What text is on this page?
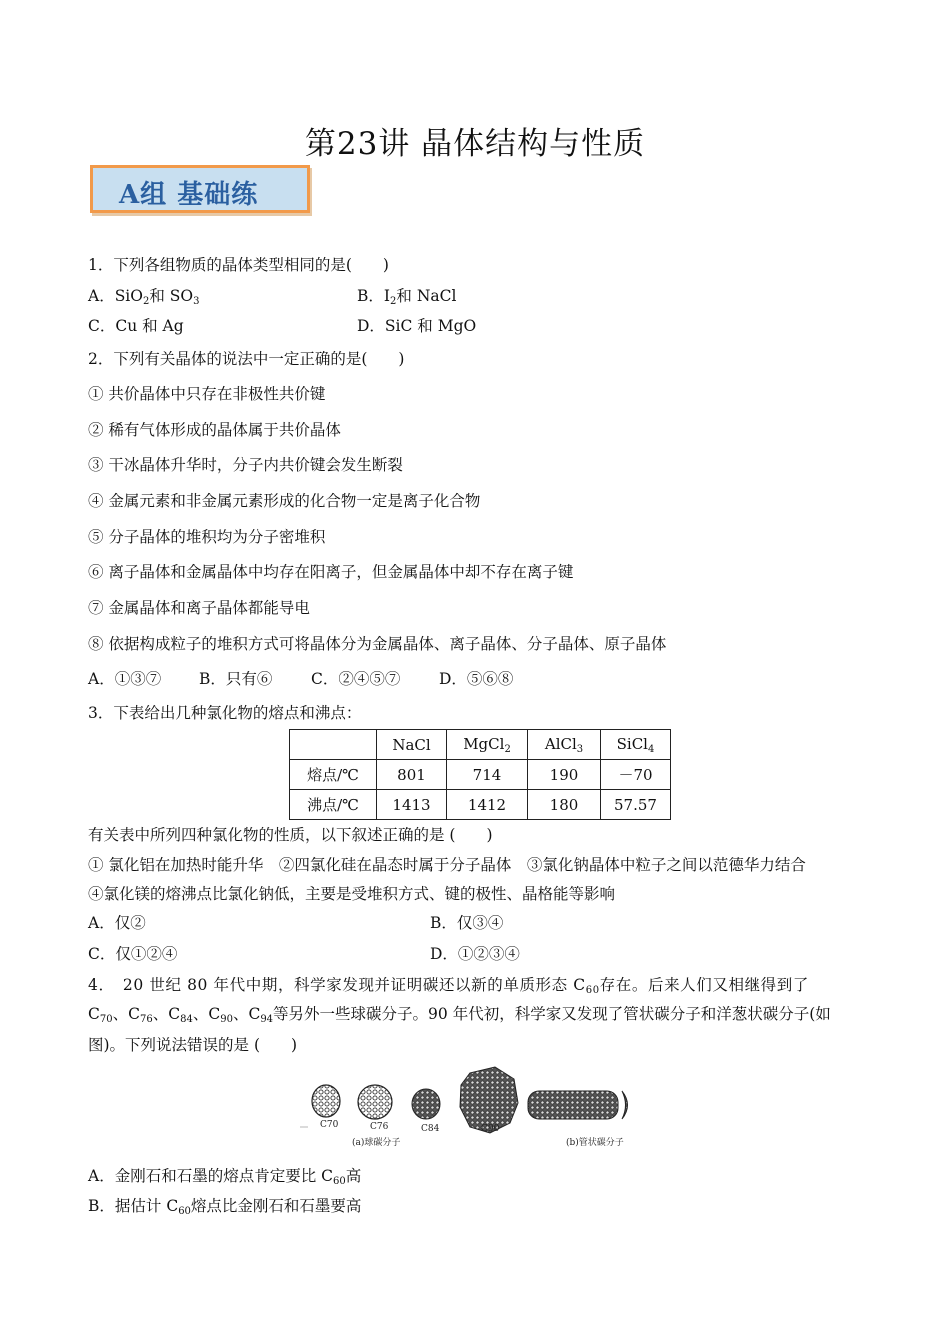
第23讲 晶体结构与性质
A组 基础练
1．下列各组物质的晶体类型相同的是(　　)
A．SiO$_2$和 $SO_3$	B．$I_2$和 NaCl
C．Cu 和 Ag	D．SiC 和 MgO
2．下列有关晶体的说法中一定正确的是(　　)
① 共价晶体中只存在非极性共价键
② 稀有气体形成的晶体属于共价晶体
③ 干冰晶体升华时，分子内共价键会发生断裂
④ 金属元素和非金属元素形成的化合物一定是离子化合物
⑤ 分子晶体的堆积均为分子密堆积
⑥ 离子晶体和金属晶体中均存在阳离子，但金属晶体中却不存在离子键
⑦ 金属晶体和离子晶体都能导电
⑧ 依据构成粒子的堆积方式可将晶体分为金属晶体、离子晶体、分子晶体、原子晶体
A．①③⑦ B．只有⑥ C．②④⑤⑦ D．⑤⑥⑧
3．下表给出几种氯化物的熔点和沸点：
	NaCl	MgCl$_2$	AlCl$_3$	SiCl$_4$
熔点/℃	801	714	190	－70
沸点/℃	1413	1412	180	57.57
有关表中所列四种氯化物的性质，以下叙述正确的是 (　　)
① 氯化铝在加热时能升华　②四氯化硅在晶态时属于分子晶体　③氯化钠晶体中粒子之间以范德华力结合
④氯化镁的熔沸点比氯化钠低，主要是受堆积方式、键的极性、晶格能等影响
A．仅②	B．仅③④
C．仅①②④	D．①②③④
4．　20 世纪 80 年代中期，科学家发现并证明碳还以新的单质形态 $C_{60}$存在。后来人们又相继得到了
$C_{70}$、$C_{76}$、$C_{84}$、$C_{90}$、$C_{94}$等另外一些球碳分子。90 年代初，科学家又发现了管状碳分子和洋葱状碳分子(如
图)。下列说法错误的是 (　　)
C70	C76	C84	C90
(a)球碳分子	(b)管状碳分子
A．金刚石和石墨的熔点肯定要比 $C_{60}$高
B．据估计 $C_{60}$熔点比金刚石和石墨要高
